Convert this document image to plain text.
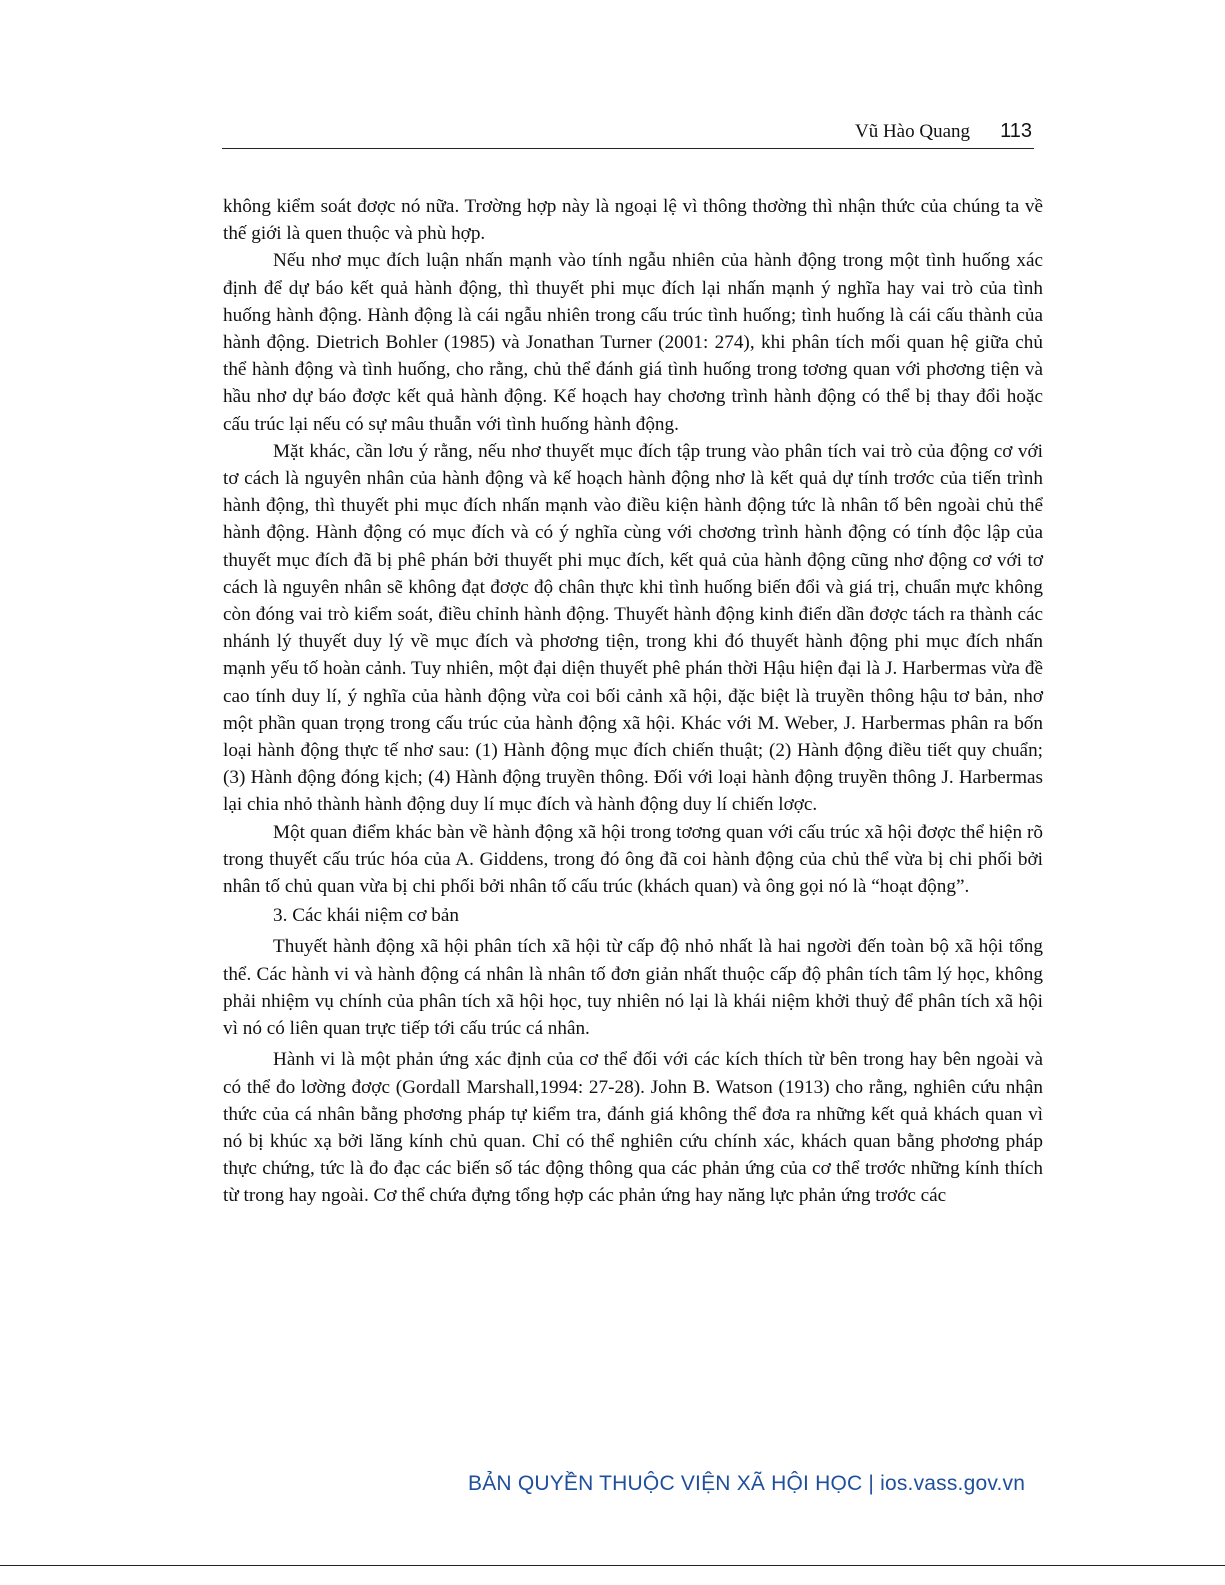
Vũ Hào Quang 113

không kiểm soát đơợc nó nữa. Trơờng hợp này là ngoại lệ vì thông thơờng thì nhận thức của chúng ta về thế giới là quen thuộc và phù hợp.

Nếu nhơ mục đích luận nhấn mạnh vào tính ngẫu nhiên của hành động trong một tình huống xác định để dự báo kết quả hành động, thì thuyết phi mục đích lại nhấn mạnh ý nghĩa hay vai trò của tình huống hành động. Hành động là cái ngẫu nhiên trong cấu trúc tình huống; tình huống là cái cấu thành của hành động. Dietrich Bohler (1985) và Jonathan Turner (2001: 274), khi phân tích mối quan hệ giữa chủ thể hành động và tình huống, cho rằng, chủ thể đánh giá tình huống trong tơơng quan với phơơng tiện và hầu nhơ dự báo đơợc kết quả hành động. Kế hoạch hay chơơng trình hành động có thể bị thay đổi hoặc cấu trúc lại nếu có sự mâu thuẫn với tình huống hành động.

Mặt khác, cần lơu ý rằng, nếu nhơ thuyết mục đích tập trung vào phân tích vai trò của động cơ với tơ cách là nguyên nhân của hành động và kế hoạch hành động nhơ là kết quả dự tính trơớc của tiến trình hành động, thì thuyết phi mục đích nhấn mạnh vào điều kiện hành động tức là nhân tố bên ngoài chủ thể hành động. Hành động có mục đích và có ý nghĩa cùng với chơơng trình hành động có tính độc lập của thuyết mục đích đã bị phê phán bởi thuyết phi mục đích, kết quả của hành động cũng nhơ động cơ với tơ cách là nguyên nhân sẽ không đạt đơợc độ chân thực khi tình huống biến đổi và giá trị, chuẩn mực không còn đóng vai trò kiểm soát, điều chỉnh hành động. Thuyết hành động kinh điển dần đơợc tách ra thành các nhánh lý thuyết duy lý về mục đích và phơơng tiện, trong khi đó thuyết hành động phi mục đích nhấn mạnh yếu tố hoàn cảnh. Tuy nhiên, một đại diện thuyết phê phán thời Hậu hiện đại là J. Harbermas vừa đề cao tính duy lí, ý nghĩa của hành động vừa coi bối cảnh xã hội, đặc biệt là truyền thông hậu tơ bản, nhơ một phần quan trọng trong cấu trúc của hành động xã hội. Khác với M. Weber, J. Harbermas phân ra bốn loại hành động thực tế nhơ sau: (1) Hành động mục đích chiến thuật; (2) Hành động điều tiết quy chuẩn; (3) Hành động đóng kịch; (4) Hành động truyền thông. Đối với loại hành động truyền thông J. Harbermas lại chia nhỏ thành hành động duy lí mục đích và hành động duy lí chiến lơợc.

Một quan điểm khác bàn về hành động xã hội trong tơơng quan với cấu trúc xã hội đơợc thể hiện rõ trong thuyết cấu trúc hóa của A. Giddens, trong đó ông đã coi hành động của chủ thể vừa bị chi phối bởi nhân tố chủ quan vừa bị chi phối bởi nhân tố cấu trúc (khách quan) và ông gọi nó là “hoạt động”.

3. Các khái niệm cơ bản

Thuyết hành động xã hội phân tích xã hội từ cấp độ nhỏ nhất là hai ngơời đến toàn bộ xã hội tổng thể. Các hành vi và hành động cá nhân là nhân tố đơn giản nhất thuộc cấp độ phân tích tâm lý học, không phải nhiệm vụ chính của phân tích xã hội học, tuy nhiên nó lại là khái niệm khởi thuỷ để phân tích xã hội vì nó có liên quan trực tiếp tới cấu trúc cá nhân.

Hành vi là một phản ứng xác định của cơ thể đối với các kích thích từ bên trong hay bên ngoài và có thể đo lơờng đơợc (Gordall Marshall,1994: 27-28). John B. Watson (1913) cho rằng, nghiên cứu nhận thức của cá nhân bằng phơơng pháp tự kiểm tra, đánh giá không thể đơa ra những kết quả khách quan vì nó bị khúc xạ bởi lăng kính chủ quan. Chỉ có thể nghiên cứu chính xác, khách quan bằng phơơng pháp thực chứng, tức là đo đạc các biến số tác động thông qua các phản ứng của cơ thể trơớc những kính thích từ trong hay ngoài. Cơ thể chứa đựng tổng hợp các phản ứng hay năng lực phản ứng trơớc các

BẢN QUYỀN THUỘC VIỆN XÃ HỘI HỌC | ios.vass.gov.vn
